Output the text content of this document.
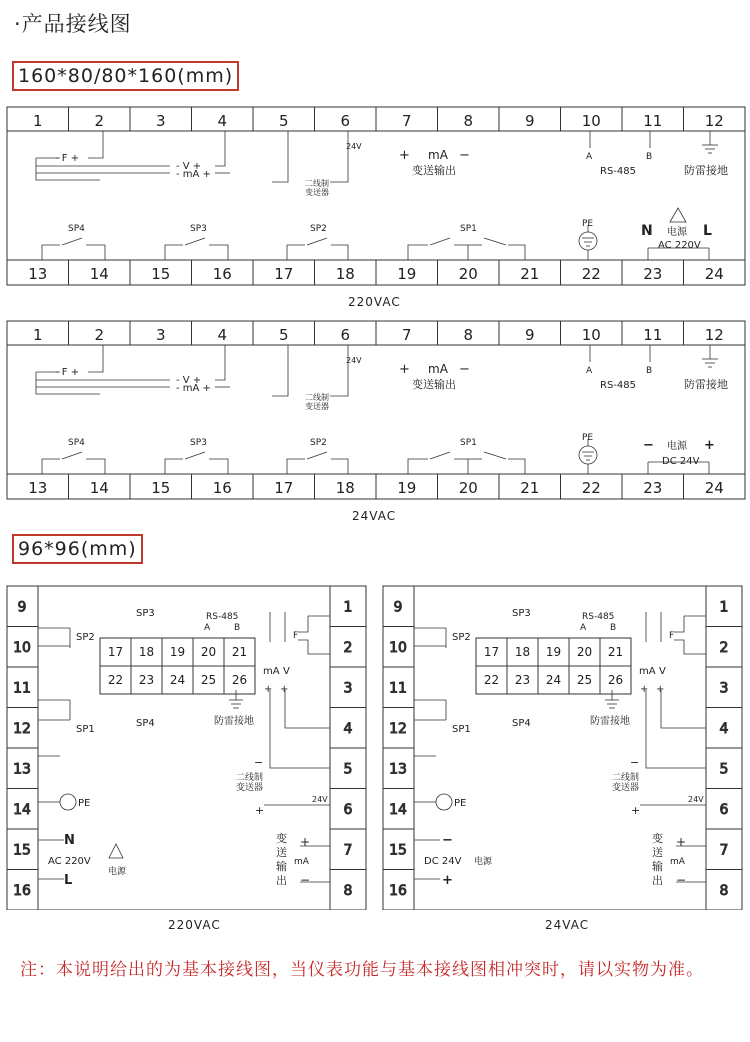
·产品接线图
160*80/80*160(mm)
1	2	3	4	5	6	7	8	9	10	11	12
13	14	15	16	17	18	19	20	21	22	23	24
- F +
- V +
- mA +
二线制
变送器
24V
+ mA −
变送输出
A	B
RS-485	防雷接地
SP4	SP3	SP2	SP1	PE	N	L
电源
AC 220V
220VAC
1	2	3	4	5	6	7	8	9	10	11	12
13	14	15	16	17	18	19	20	21	22	23	24
- F +
- V +
- mA +
二线制
变送器
24V
+ mA −
变送输出
A	B
RS-485	防雷接地
SP4	SP3	SP2	SP1	PE	−	+
电源
DC 24V
24VAC
96*96(mm)
9
10
11
12
13
14
15
16
1
2
3
4
5
6
7
8
17 18 19 20 21
22 23 24 25 26
SP3
SP4
SP2
SP1
RS-485
A	B
F
mA V
+ +
防雷接地
−
二线制
变送器
24V
+
PE
变
送
输
出
mA
+
−
N
L
AC 220V
电源
220VAC
9
10
11
12
13
14
15
16
1
2
3
4
5
6
7
8
17 18 19 20 21
22 23 24 25 26
SP3
SP4
SP2
SP1
RS-485
A	B
F
mA V
+ +
防雷接地
−
二线制
变送器
24V
+
PE
变
送
输
出
mA
+
−
−
+
DC 24V 电源
24VAC
注：本说明给出的为基本接线图，当仪表功能与基本接线图相冲突时，请以实物为准。
